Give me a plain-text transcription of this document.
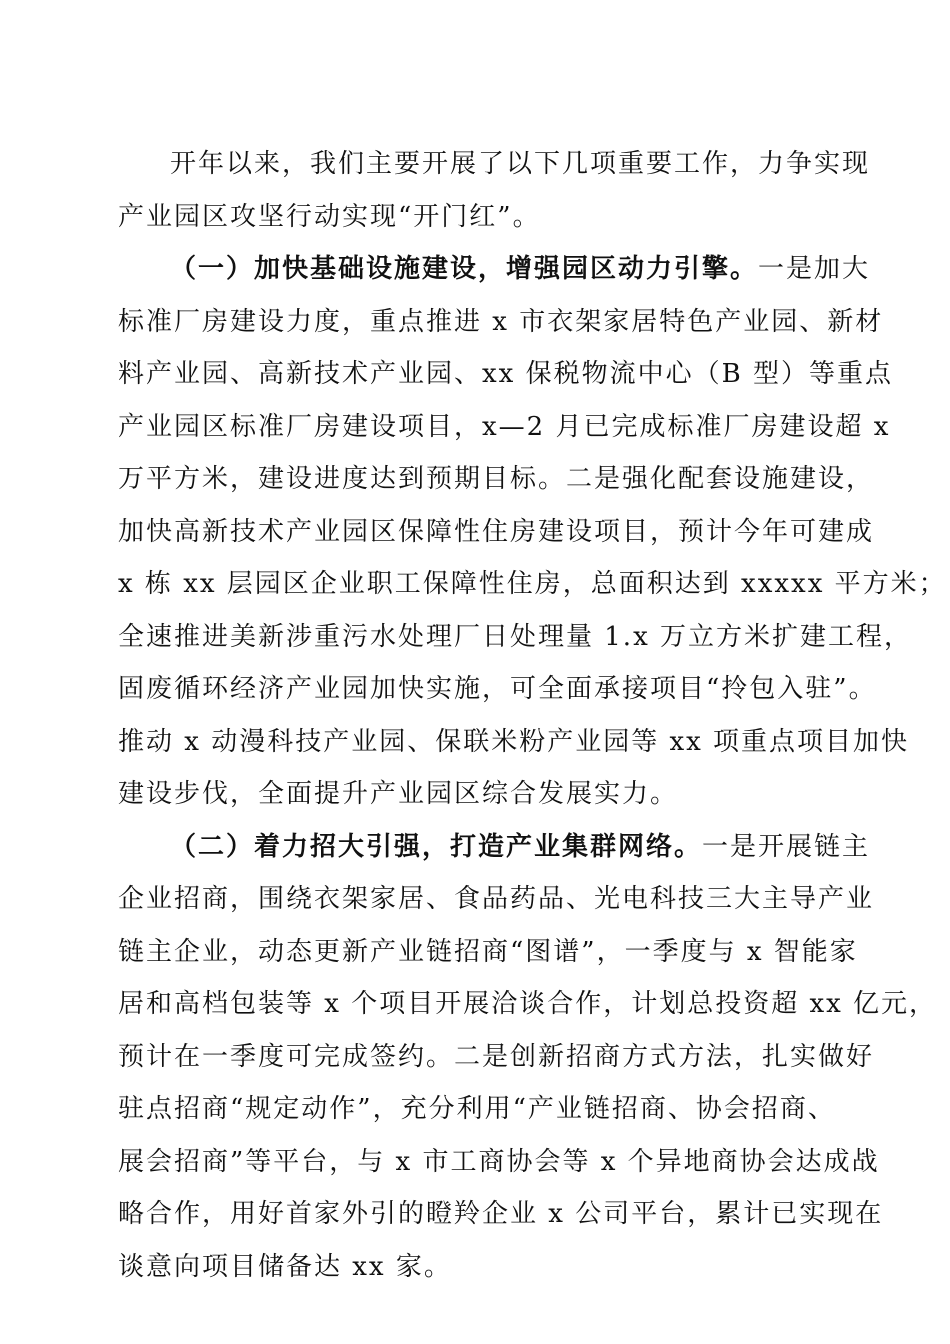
开年以来，我们主要开展了以下几项重要工作，力争实现
产业园区攻坚行动实现“开门红”。

（一）加快基础设施建设，增强园区动力引擎。一是加大
标准厂房建设力度，重点推进 x 市衣架家居特色产业园、新材
料产业园、高新技术产业园、xx 保税物流中心（B 型）等重点
产业园区标准厂房建设项目，x—2 月已完成标准厂房建设超 x
万平方米，建设进度达到预期目标。二是强化配套设施建设，
加快高新技术产业园区保障性住房建设项目，预计今年可建成
x 栋 xx 层园区企业职工保障性住房，总面积达到 xxxxx 平方米；
全速推进美新涉重污水处理厂日处理量 1.x 万立方米扩建工程，
固废循环经济产业园加快实施，可全面承接项目“拎包入驻”。
推动 x 动漫科技产业园、保联米粉产业园等 xx 项重点项目加快
建设步伐，全面提升产业园区综合发展实力。

（二）着力招大引强，打造产业集群网络。一是开展链主
企业招商，围绕衣架家居、食品药品、光电科技三大主导产业
链主企业，动态更新产业链招商“图谱”，一季度与 x 智能家
居和高档包装等 x 个项目开展洽谈合作，计划总投资超 xx 亿元，
预计在一季度可完成签约。二是创新招商方式方法，扎实做好
驻点招商“规定动作”，充分利用“产业链招商、协会招商、
展会招商”等平台，与 x 市工商协会等 x 个异地商协会达成战
略合作，用好首家外引的瞪羚企业 x 公司平台，累计已实现在
谈意向项目储备达 xx 家。
